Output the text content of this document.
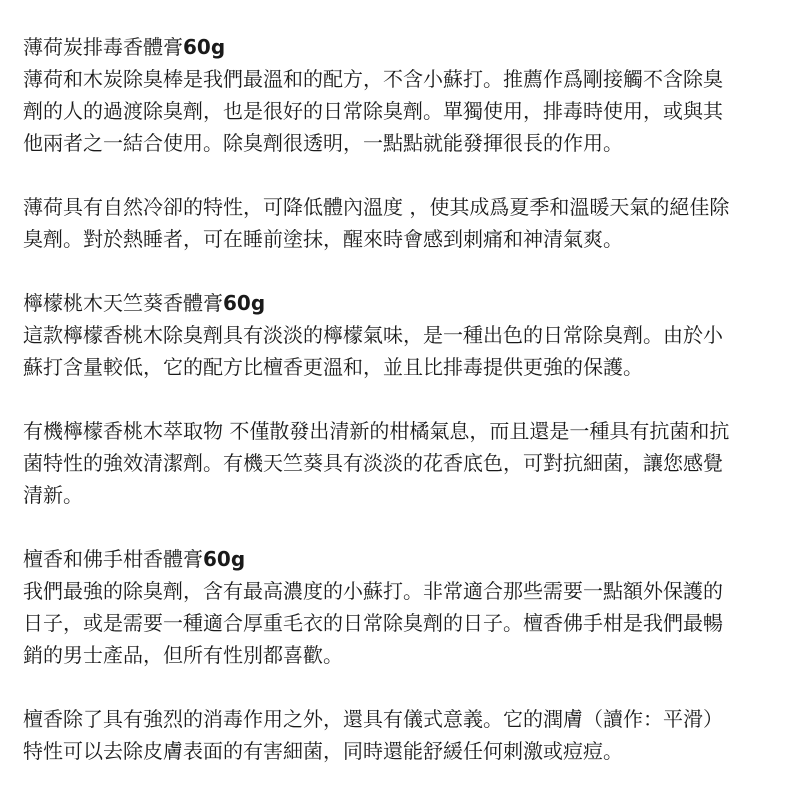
薄荷炭排毒香體膏60g

薄荷和木炭除臭棒是我們最溫和的配方，不含小蘇打。推薦作爲剛接觸不含除臭
劑的人的過渡除臭劑，也是很好的日常除臭劑。單獨使用，排毒時使用，或與其
他兩者之一結合使用。除臭劑很透明，一點點就能發揮很長的作用。

薄荷具有自然冷卻的特性，可降低體內溫度 ，使其成爲夏季和溫暖天氣的絕佳除
臭劑。對於熱睡者，可在睡前塗抹，醒來時會感到刺痛和神清氣爽。

檸檬桃木天竺葵香體膏60g

這款檸檬香桃木除臭劑具有淡淡的檸檬氣味，是一種出色的日常除臭劑。由於小
蘇打含量較低，它的配方比檀香更溫和，並且比排毒提供更強的保護。

有機檸檬香桃木萃取物 不僅散發出清新的柑橘氣息，而且還是一種具有抗菌和抗
菌特性的強效清潔劑。有機天竺葵具有淡淡的花香底色，可對抗細菌，讓您感覺
清新。

檀香和佛手柑香體膏60g

我們最強的除臭劑，含有最高濃度的小蘇打。非常適合那些需要一點額外保護的
日子，或是需要一種適合厚重毛衣的日常除臭劑的日子。檀香佛手柑是我們最暢
銷的男士產品，但所有性別都喜歡。

檀香除了具有強烈的消毒作用之外，還具有儀式意義。它的潤膚（讀作：平滑）
特性可以去除皮膚表面的有害細菌，同時還能舒緩任何刺激或痘痘。
